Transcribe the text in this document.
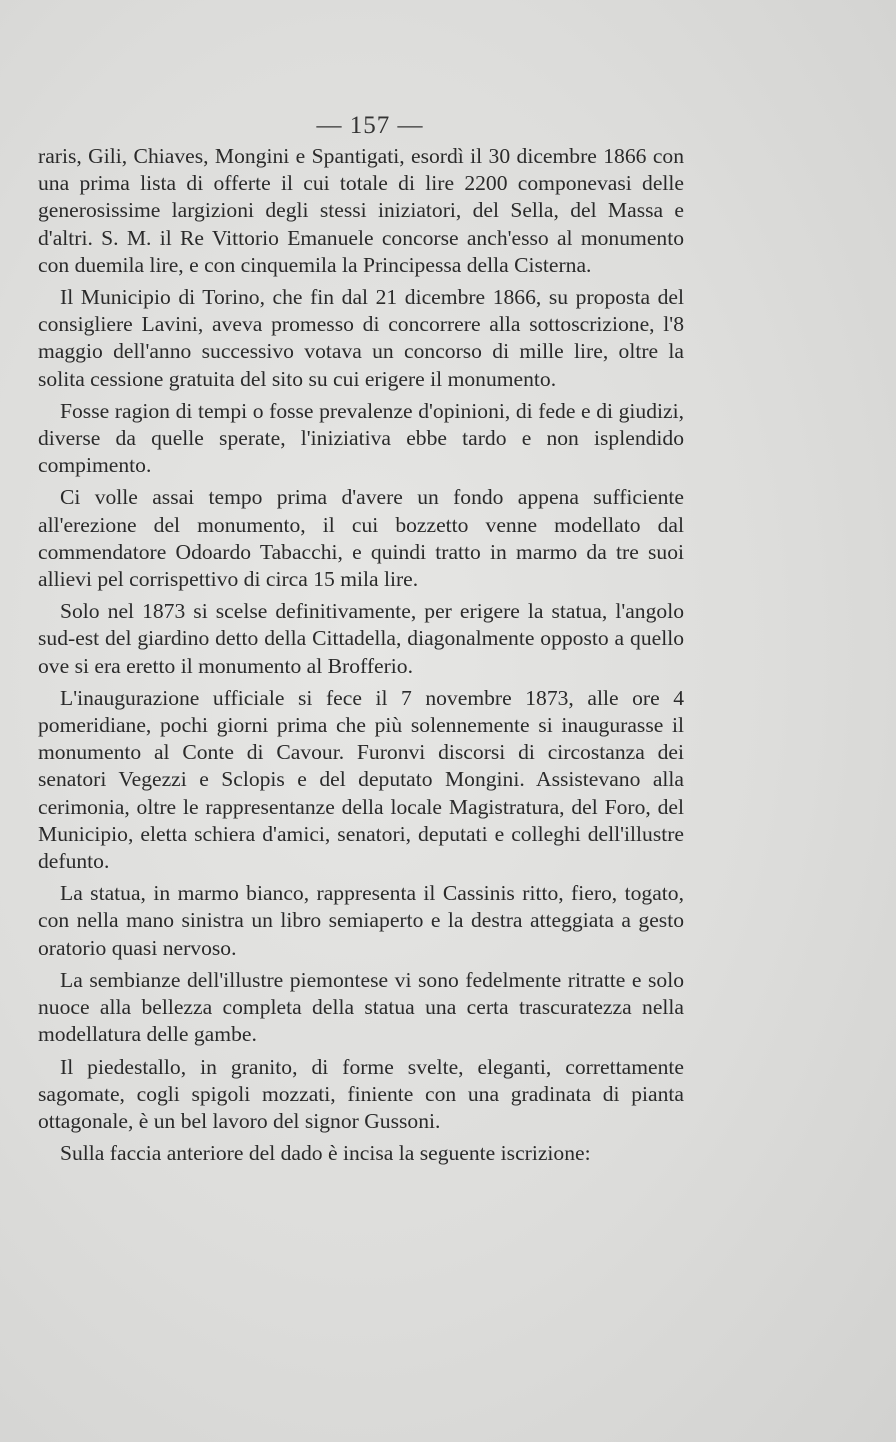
— 157 —

raris, Gili, Chiaves, Mongini e Spantigati, esordì il 30 dicembre 1866 con una prima lista di offerte il cui totale di lire 2200 componevasi delle generosissime largizioni degli stessi iniziatori, del Sella, del Massa e d'altri. S. M. il Re Vittorio Emanuele concorse anch'esso al monumento con duemila lire, e con cinquemila la Principessa della Cisterna.

Il Municipio di Torino, che fin dal 21 dicembre 1866, su proposta del consigliere Lavini, aveva promesso di concorrere alla sottoscrizione, l'8 maggio dell'anno successivo votava un concorso di mille lire, oltre la solita cessione gratuita del sito su cui erigere il monumento.

Fosse ragion di tempi o fosse prevalenze d'opinioni, di fede e di giudizi, diverse da quelle sperate, l'iniziativa ebbe tardo e non isplendido compimento.

Ci volle assai tempo prima d'avere un fondo appena sufficiente all'erezione del monumento, il cui bozzetto venne modellato dal commendatore Odoardo Tabacchi, e quindi tratto in marmo da tre suoi allievi pel corrispettivo di circa 15 mila lire.

Solo nel 1873 si scelse definitivamente, per erigere la statua, l'angolo sud-est del giardino detto della Cittadella, diagonalmente opposto a quello ove si era eretto il monumento al Brofferio.

L'inaugurazione ufficiale si fece il 7 novembre 1873, alle ore 4 pomeridiane, pochi giorni prima che più solennemente si inaugurasse il monumento al Conte di Cavour. Furonvi discorsi di circostanza dei senatori Vegezzi e Sclopis e del deputato Mongini. Assistevano alla cerimonia, oltre le rappresentanze della locale Magistratura, del Foro, del Municipio, eletta schiera d'amici, senatori, deputati e colleghi dell'illustre defunto.

La statua, in marmo bianco, rappresenta il Cassinis ritto, fiero, togato, con nella mano sinistra un libro semiaperto e la destra atteggiata a gesto oratorio quasi nervoso.

La sembianze dell'illustre piemontese vi sono fedelmente ritratte e solo nuoce alla bellezza completa della statua una certa trascuratezza nella modellatura delle gambe.

Il piedestallo, in granito, di forme svelte, eleganti, correttamente sagomate, cogli spigoli mozzati, finiente con una gradinata di pianta ottagonale, è un bel lavoro del signor Gussoni.

Sulla faccia anteriore del dado è incisa la seguente iscrizione:
